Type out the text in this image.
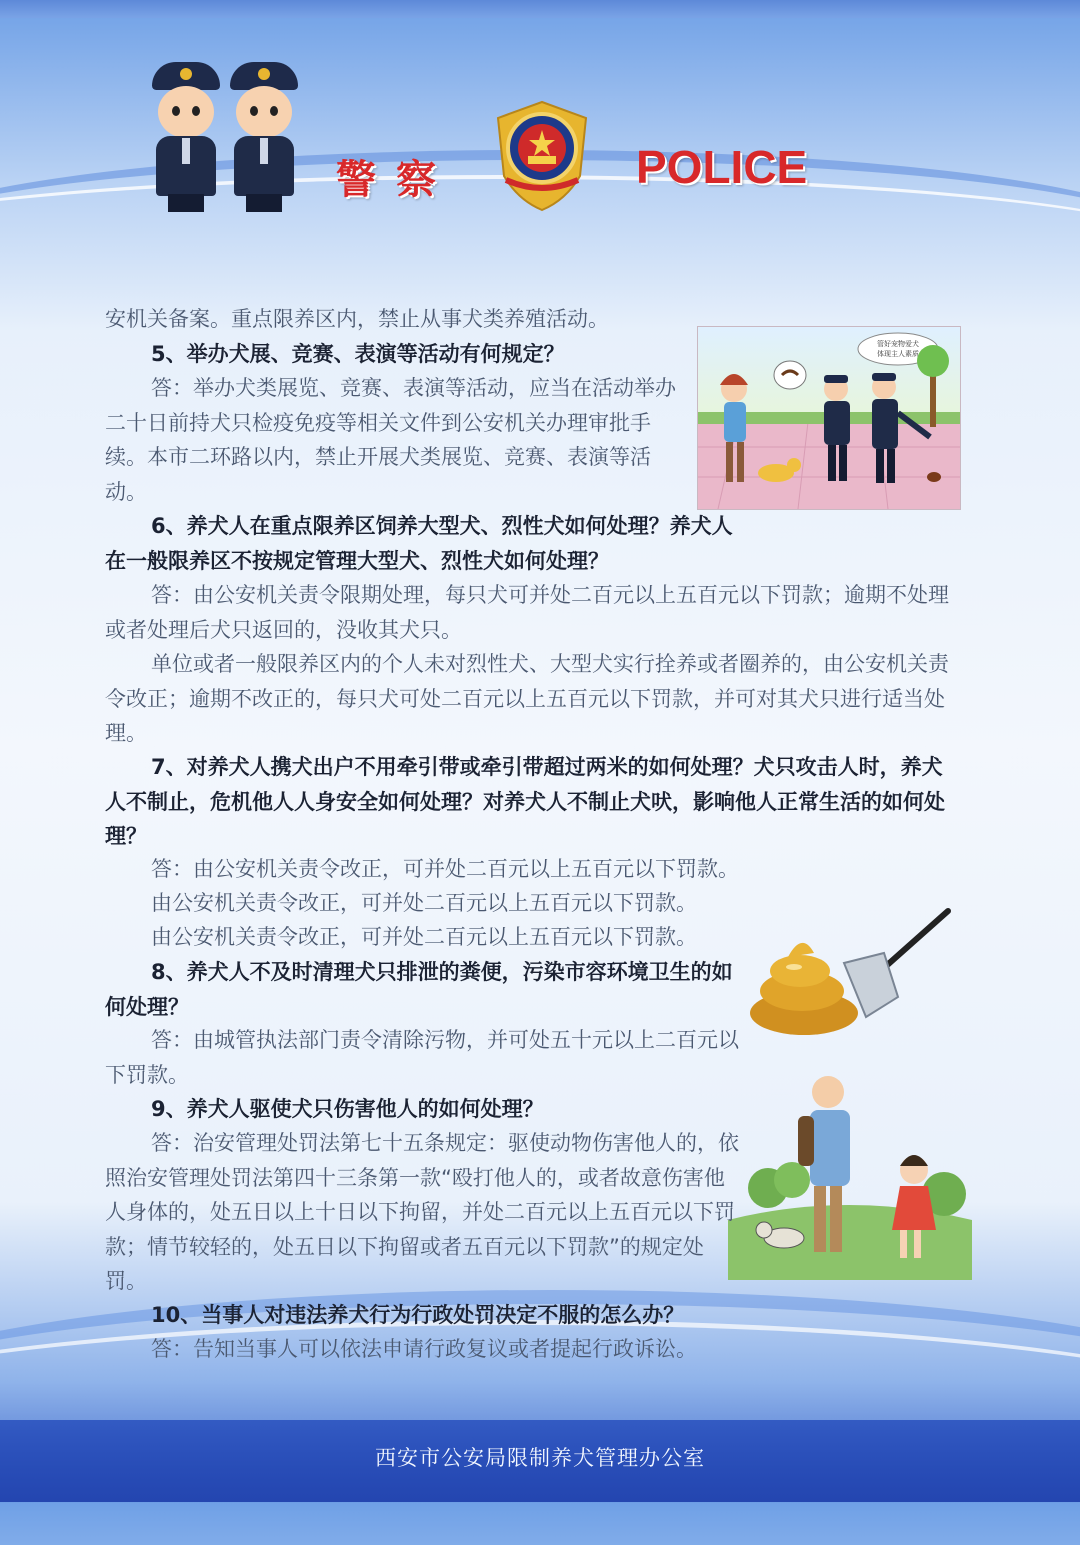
警察	POLICE
管好宠物爱犬
体现主人素质

安机关备案。重点限养区内，禁止从事犬类养殖活动。

5、举办犬展、竞赛、表演等活动有何规定？

答：举办犬类展览、竞赛、表演等活动，应当在活动举办二十日前持犬只检疫免疫等相关文件到公安机关办理审批手续。本市二环路以内，禁止开展犬类展览、竞赛、表演等活动。

6、养犬人在重点限养区饲养大型犬、烈性犬如何处理？养犬人在一般限养区不按规定管理大型犬、烈性犬如何处理？

答：由公安机关责令限期处理，每只犬可并处二百元以上五百元以下罚款；逾期不处理或者处理后犬只返回的，没收其犬只。

单位或者一般限养区内的个人未对烈性犬、大型犬实行拴养或者圈养的，由公安机关责令改正；逾期不改正的，每只犬可处二百元以上五百元以下罚款，并可对其犬只进行适当处理。

7、对养犬人携犬出户不用牵引带或牵引带超过两米的如何处理？犬只攻击人时，养犬人不制止，危机他人人身安全如何处理？对养犬人不制止犬吠，影响他人正常生活的如何处理？

答：由公安机关责令改正，可并处二百元以上五百元以下罚款。

由公安机关责令改正，可并处二百元以上五百元以下罚款。

由公安机关责令改正，可并处二百元以上五百元以下罚款。

8、养犬人不及时清理犬只排泄的粪便，污染市容环境卫生的如何处理？

答：由城管执法部门责令清除污物，并可处五十元以上二百元以下罚款。

9、养犬人驱使犬只伤害他人的如何处理？

答：治安管理处罚法第七十五条规定：驱使动物伤害他人的，依照治安管理处罚法第四十三条第一款“殴打他人的，或者故意伤害他人身体的，处五日以上十日以下拘留，并处二百元以上五百元以下罚款；情节较轻的，处五日以下拘留或者五百元以下罚款”的规定处罚。

10、当事人对违法养犬行为行政处罚决定不服的怎么办？

答：告知当事人可以依法申请行政复议或者提起行政诉讼。

西安市公安局限制养犬管理办公室
